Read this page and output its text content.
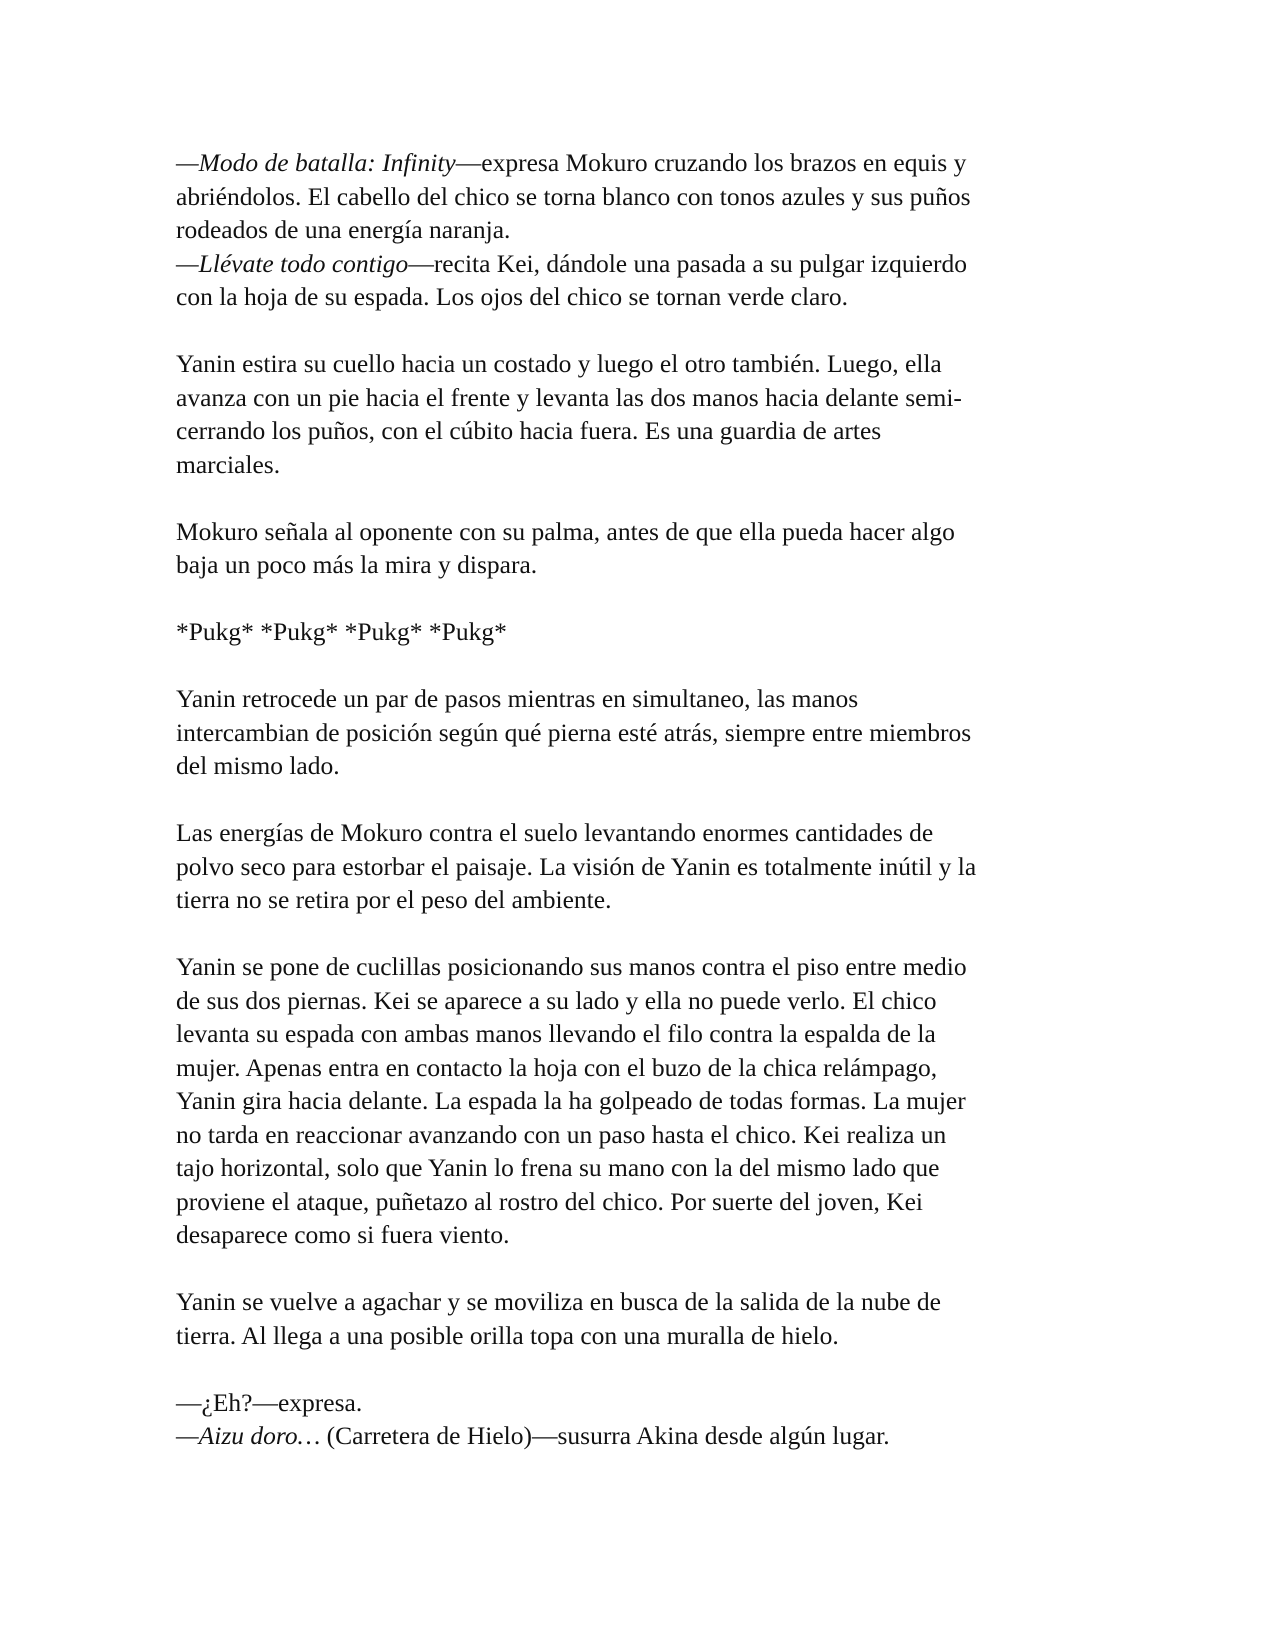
—Modo de batalla: Infinity—expresa Mokuro cruzando los brazos en equis y
abriéndolos. El cabello del chico se torna blanco con tonos azules y sus puños
rodeados de una energía naranja.

—Llévate todo contigo—recita Kei, dándole una pasada a su pulgar izquierdo
con la hoja de su espada. Los ojos del chico se tornan verde claro.

Yanin estira su cuello hacia un costado y luego el otro también. Luego, ella
avanza con un pie hacia el frente y levanta las dos manos hacia delante semi-
cerrando los puños, con el cúbito hacia fuera. Es una guardia de artes
marciales.

Mokuro señala al oponente con su palma, antes de que ella pueda hacer algo
baja un poco más la mira y dispara.

*Pukg* *Pukg* *Pukg* *Pukg*

Yanin retrocede un par de pasos mientras en simultaneo, las manos
intercambian de posición según qué pierna esté atrás, siempre entre miembros
del mismo lado.

Las energías de Mokuro contra el suelo levantando enormes cantidades de
polvo seco para estorbar el paisaje. La visión de Yanin es totalmente inútil y la
tierra no se retira por el peso del ambiente.

Yanin se pone de cuclillas posicionando sus manos contra el piso entre medio
de sus dos piernas. Kei se aparece a su lado y ella no puede verlo. El chico
levanta su espada con ambas manos llevando el filo contra la espalda de la
mujer. Apenas entra en contacto la hoja con el buzo de la chica relámpago,
Yanin gira hacia delante. La espada la ha golpeado de todas formas. La mujer
no tarda en reaccionar avanzando con un paso hasta el chico. Kei realiza un
tajo horizontal, solo que Yanin lo frena su mano con la del mismo lado que
proviene el ataque, puñetazo al rostro del chico. Por suerte del joven, Kei
desaparece como si fuera viento.

Yanin se vuelve a agachar y se moviliza en busca de la salida de la nube de
tierra. Al llega a una posible orilla topa con una muralla de hielo.

—¿Eh?—expresa.
—Aizu doro… (Carretera de Hielo)—susurra Akina desde algún lugar.
